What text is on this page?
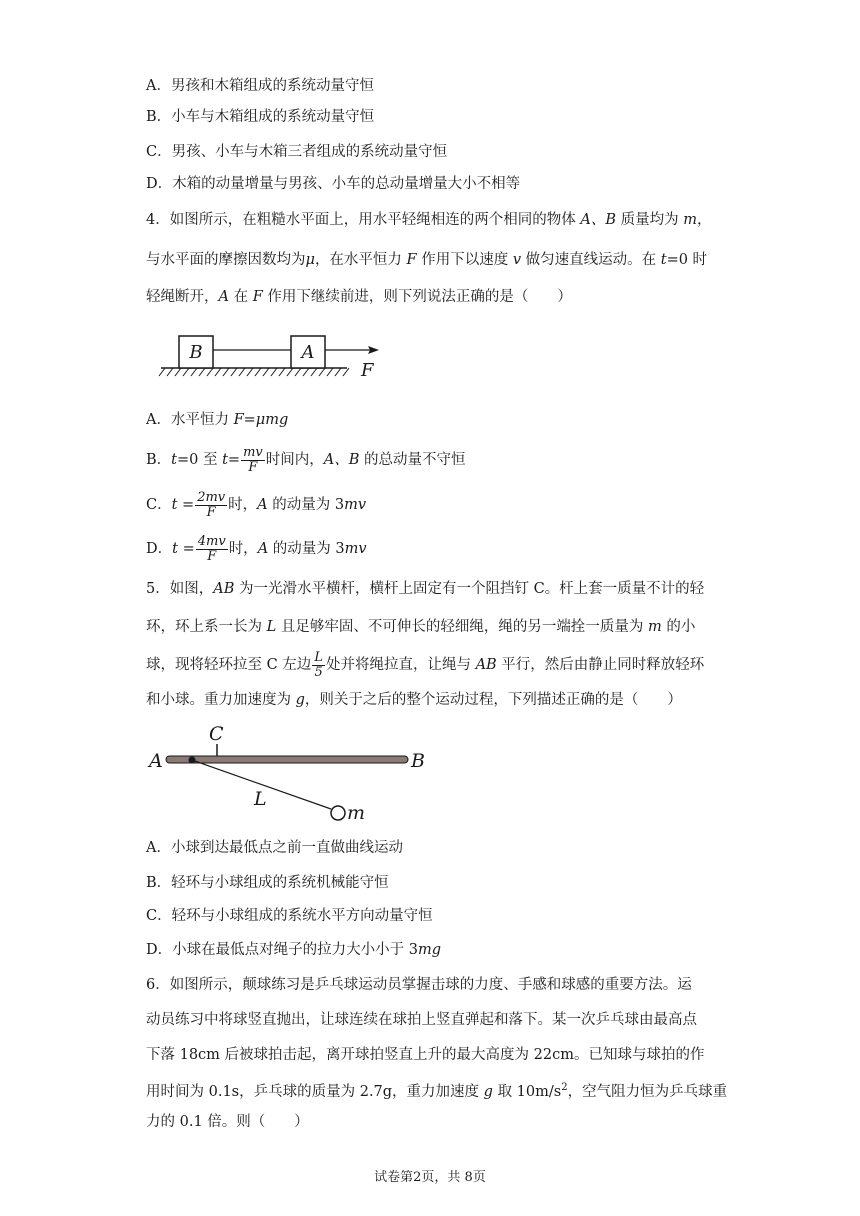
A．男孩和木箱组成的系统动量守恒
B．小车与木箱组成的系统动量守恒
C．男孩、小车与木箱三者组成的系统动量守恒
D．木箱的动量增量与男孩、小车的总动量增量大小不相等
4．如图所示，在粗糙水平面上，用水平轻绳相连的两个相同的物体 A、B 质量均为 m，
与水平面的摩擦因数均为μ，在水平恒力 F 作用下以速度 v 做匀速直线运动。在 t=0 时
轻绳断开，A 在 F 作用下继续前进，则下列说法正确的是（　　）
B	A
F
A．水平恒力 F=μmg
B．t=0 至 $t= \frac{mv}{F}$ 时间内，A、B 的总动量不守恒
C．$t = \frac{2mv}{F}$ 时，A 的动量为 3mv
D．$t = \frac{4mv}{F}$ 时，A 的动量为 3mv
5．如图，AB 为一光滑水平横杆，横杆上固定有一个阻挡钉 C。杆上套一质量不计的轻
环，环上系一长为 L 且足够牢固、不可伸长的轻细绳，绳的另一端拴一质量为 m 的小
球，现将轻环拉至 C 左边 $\frac{L}{5}$ 处并将绳拉直，让绳与 AB 平行，然后由静止同时释放轻环
和小球。重力加速度为 g，则关于之后的整个运动过程，下列描述正确的是（　　）
A	B
C
L
m
A．小球到达最低点之前一直做曲线运动
B．轻环与小球组成的系统机械能守恒
C．轻环与小球组成的系统水平方向动量守恒
D．小球在最低点对绳子的拉力大小小于 3mg
6．如图所示，颠球练习是乒乓球运动员掌握击球的力度、手感和球感的重要方法。运
动员练习中将球竖直抛出，让球连续在球拍上竖直弹起和落下。某一次乒乓球由最高点
下落 18cm 后被球拍击起，离开球拍竖直上升的最大高度为 22cm。已知球与球拍的作
用时间为 0.1s，乒乓球的质量为 2.7g，重力加速度 g 取 $10m/s^2$，空气阻力恒为乒乓球重
力的 0.1 倍。则（　　）
试卷第2页，共 8页
